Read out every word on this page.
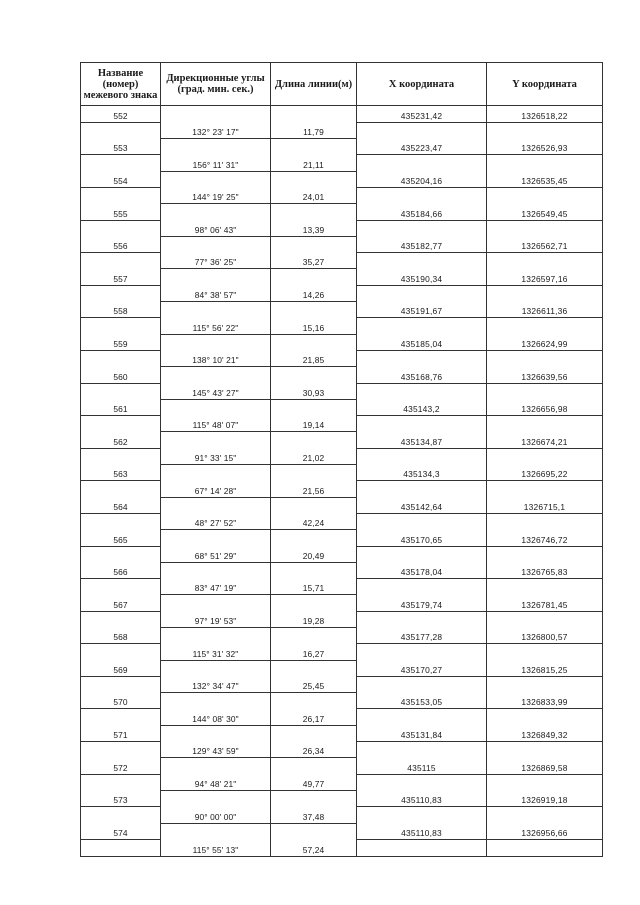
Название (номер) межевого знака	Дирекционные углы (град. мин. сек.)	Длина линии(м)	X координата	Y координата
552			435231,42	1326518,22
	132° 23' 17"	11,79		
553			435223,47	1326526,93
	156° 11' 31"	21,11		
554			435204,16	1326535,45
	144° 19' 25"	24,01		
555			435184,66	1326549,45
	98° 06' 43"	13,39		
556			435182,77	1326562,71
	77° 36' 25"	35,27		
557			435190,34	1326597,16
	84° 38' 57"	14,26		
558			435191,67	1326611,36
	115° 56' 22"	15,16		
559			435185,04	1326624,99
	138° 10' 21"	21,85		
560			435168,76	1326639,56
	145° 43' 27"	30,93		
561			435143,2	1326656,98
	115° 48' 07"	19,14		
562			435134,87	1326674,21
	91° 33' 15"	21,02		
563			435134,3	1326695,22
	67° 14' 28"	21,56		
564			435142,64	1326715,1
	48° 27' 52"	42,24		
565			435170,65	1326746,72
	68° 51' 29"	20,49		
566			435178,04	1326765,83
	83° 47' 19"	15,71		
567			435179,74	1326781,45
	97° 19' 53"	19,28		
568			435177,28	1326800,57
	115° 31' 32"	16,27		
569			435170,27	1326815,25
	132° 34' 47"	25,45		
570			435153,05	1326833,99
	144° 08' 30"	26,17		
571			435131,84	1326849,32
	129° 43' 59"	26,34		
572			435115	1326869,58
	94° 48' 21"	49,77		
573			435110,83	1326919,18
	90° 00' 00"	37,48		
574			435110,83	1326956,66
	115° 55' 13"	57,24		
